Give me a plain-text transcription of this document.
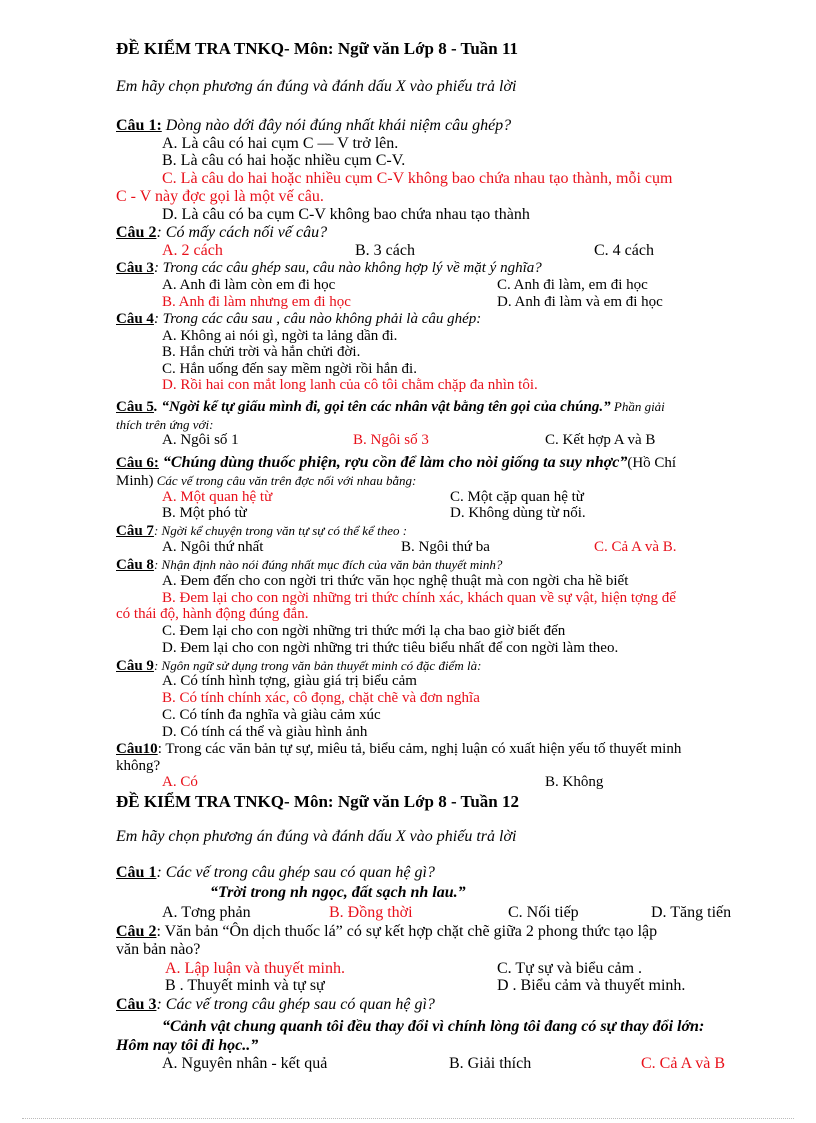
ĐỀ KIỂM TRA TNKQ- Môn: Ngữ văn Lớp 8 - Tuần 11
Em hãy chọn phương án đúng và đánh dấu X vào phiếu trả lời
Câu 1: Dòng nào dới đây nói đúng nhất khái niệm câu ghép?
A. Là câu có hai cụm C — V trở lên.
B. Là câu có hai hoặc nhiều cụm C-V.
C. Là câu do hai hoặc nhiều cụm C-V không bao chứa nhau tạo thành, mỗi cụm
C - V này đợc gọi là một vế câu.
D. Là câu có ba cụm C-V không bao chứa nhau tạo thành
Câu 2: Có mấy cách nối vế câu?
A. 2 cách	B. 3 cách	C. 4 cách
Câu 3: Trong các câu ghép sau, câu nào không hợp lý về mặt ý nghĩa?
A. Anh đi làm còn em đi học	C. Anh đi làm, em đi học
B. Anh đi làm nhưng em đi học	D. Anh đi làm và em đi học
Câu 4: Trong các câu sau , câu nào không phải là câu ghép:
A. Không ai nói gì, ngời ta lảng dần đi.
B. Hắn chửi trời và hắn chửi đời.
C. Hắn uống đến say mềm ngời rồi hắn đi.
D. Rồi hai con mắt long lanh của cô tôi chằm chặp đa nhìn tôi.
Câu 5. “Ngời kể tự giấu mình đi, gọi tên các nhân vật bằng tên gọi của chúng.” Phần giải
thích trên ứng với:
A. Ngôi số 1	B. Ngôi số 3	C. Kết hợp A và B
Câu 6: “Chúng dùng thuốc phiện, rợu cồn để làm cho nòi giống ta suy nhợc”(Hồ Chí
Minh) Các vế trong câu văn trên đợc nối với nhau bằng:
A. Một quan hệ từ	C. Một cặp quan hệ từ
B. Một phó từ	D. Không dùng từ nối.
Câu 7: Ngời kể chuyện trong văn tự sự có thể kể theo :
A. Ngôi thứ nhất	B. Ngôi thứ ba	C. Cả A và B.
Câu 8: Nhận định nào nói đúng nhất mục đích của văn bản thuyết minh?
A. Đem đến cho con ngời tri thức văn học nghệ thuật mà con ngời cha hề biết
B. Đem lại cho con ngời những tri thức chính xác, khách quan về sự vật, hiện tợng để
có thái độ, hành động đúng đắn.
C. Đem lại cho con ngời những tri thức mới lạ cha bao giờ biết đến
D. Đem lại cho con ngời những tri thức tiêu biểu nhất để con ngời làm theo.
Câu 9: Ngôn ngữ sử dụng trong văn bản thuyết minh có đặc điểm là:
A. Có tính hình tợng, giàu giá trị biểu cảm
B. Có tính chính xác, cô đọng, chặt chẽ và đơn nghĩa
C. Có tính đa nghĩa và giàu cảm xúc
D. Có tính cá thể và giàu hình ảnh
Câu10: Trong các văn bản tự sự, miêu tả, biểu cảm, nghị luận có xuất hiện yếu tố thuyết minh
không?
A. Có	B. Không
ĐỀ KIỂM TRA TNKQ- Môn: Ngữ văn Lớp 8 - Tuần 12
Em hãy chọn phương án đúng và đánh dấu X vào phiếu trả lời
Câu 1: Các vế trong câu ghép sau có quan hệ gì?
“Trời trong nh ngọc, đất sạch nh lau.”
A. Tơng phản	B. Đồng thời	C. Nối tiếp	D. Tăng tiến
Câu 2: Văn bản “Ôn dịch thuốc lá” có sự kết hợp chặt chẽ giữa 2 phong thức tạo lập
văn bản nào?
A. Lập luận và thuyết minh.	C. Tự sự và biểu cảm .
B . Thuyết minh và tự sự	D . Biểu cảm và thuyết minh.
Câu 3: Các vế trong câu ghép sau có quan hệ gì?
“Cảnh vật chung quanh tôi đều thay đổi vì chính lòng tôi đang có sự thay đổi lớn:
Hôm nay tôi đi học..”
A. Nguyên nhân - kết quả	B. Giải thích	C. Cả A và B
